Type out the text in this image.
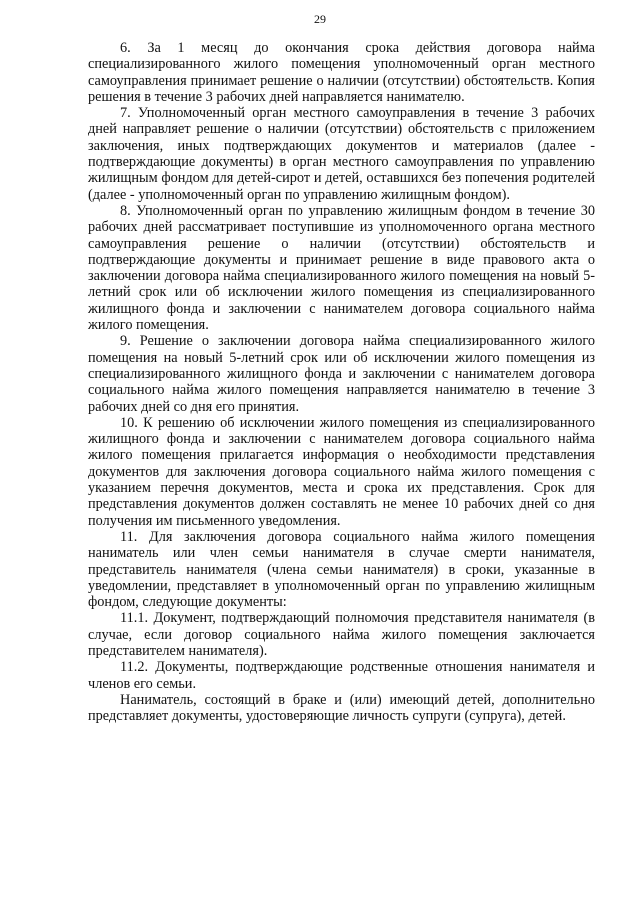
29

6. За 1 месяц до окончания срока действия договора найма специализированного жилого помещения уполномоченный орган местного самоуправления принимает решение о наличии (отсутствии) обстоятельств. Копия решения в течение 3 рабочих дней направляется нанимателю.

7. Уполномоченный орган местного самоуправления в течение 3 рабочих дней направляет решение о наличии (отсутствии) обстоятельств с приложением заключения, иных подтверждающих документов и материалов (далее - подтверждающие документы) в орган местного самоуправления по управлению жилищным фондом для детей-сирот и детей, оставшихся без попечения родителей (далее - уполномоченный орган по управлению жилищным фондом).

8. Уполномоченный орган по управлению жилищным фондом в течение 30 рабочих дней рассматривает поступившие из уполномоченного органа местного самоуправления решение о наличии (отсутствии) обстоятельств и подтверждающие документы и принимает решение в виде правового акта о заключении договора найма специализированного жилого помещения на новый 5-летний срок или об исключении жилого помещения из специализированного жилищного фонда и заключении с нанимателем договора социального найма жилого помещения.

9. Решение о заключении договора найма специализированного жилого помещения на новый 5-летний срок или об исключении жилого помещения из специализированного жилищного фонда и заключении с нанимателем договора социального найма жилого помещения направляется нанимателю в течение 3 рабочих дней со дня его принятия.

10. К решению об исключении жилого помещения из специализированного жилищного фонда и заключении с нанимателем договора социального найма жилого помещения прилагается информация о необходимости представления документов для заключения договора социального найма жилого помещения с указанием перечня документов, места и срока их представления. Срок для представления документов должен составлять не менее 10 рабочих дней со дня получения им письменного уведомления.

11. Для заключения договора социального найма жилого помещения наниматель или член семьи нанимателя в случае смерти нанимателя, представитель нанимателя (члена семьи нанимателя) в сроки, указанные в уведомлении, представляет в уполномоченный орган по управлению жилищным фондом, следующие документы:

11.1. Документ, подтверждающий полномочия представителя нанимателя (в случае, если договор социального найма жилого помещения заключается представителем нанимателя).

11.2. Документы, подтверждающие родственные отношения нанимателя и членов его семьи.

Наниматель, состоящий в браке и (или) имеющий детей, дополнительно представляет документы, удостоверяющие личность супруги (супруга), детей.
